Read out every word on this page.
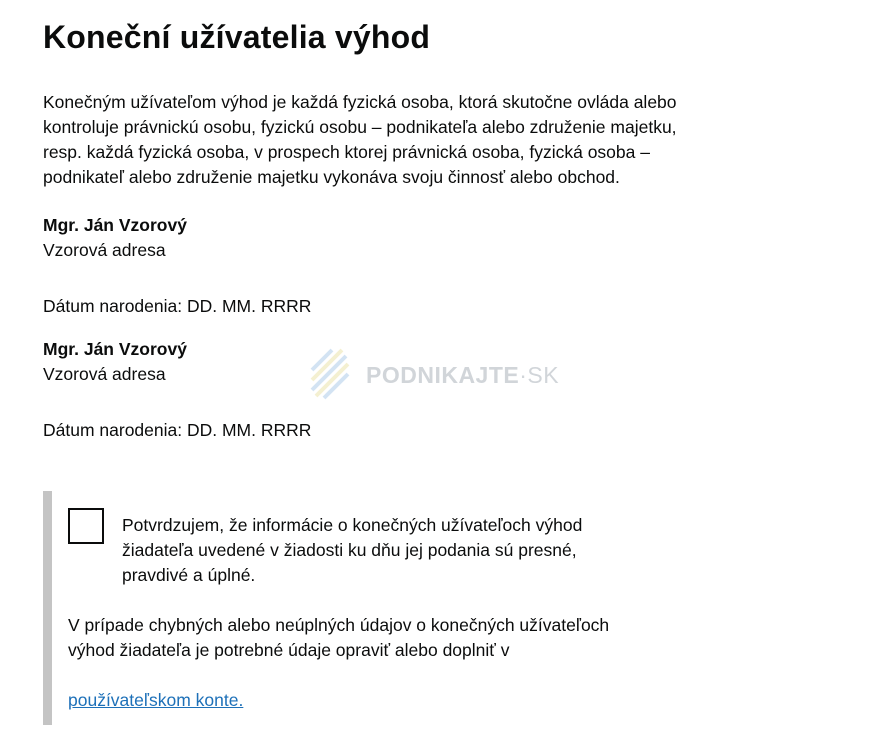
Koneční užívatelia výhod

Konečným užívateľom výhod je každá fyzická osoba, ktorá skutočne ovláda alebo kontroluje právnickú osobu, fyzickú osobu – podnikateľa alebo združenie majetku, resp. každá fyzická osoba, v prospech ktorej právnická osoba, fyzická osoba – podnikateľ alebo združenie majetku vykonáva svoju činnosť alebo obchod.

Mgr. Ján Vzorový
Vzorová adresa
Dátum narodenia: DD. MM. RRRR
Mgr. Ján Vzorový
Vzorová adresa
Dátum narodenia: DD. MM. RRRR
PODNIKAJTE·SK
Potvrdzujem, že informácie o konečných užívateľoch výhod žiadateľa uvedené v žiadosti ku dňu jej podania sú presné, pravdivé a úplné.
V prípade chybných alebo neúplných údajov o konečných užívateľoch výhod žiadateľa je potrebné údaje opraviť alebo doplniť v
používateľskom konte.
